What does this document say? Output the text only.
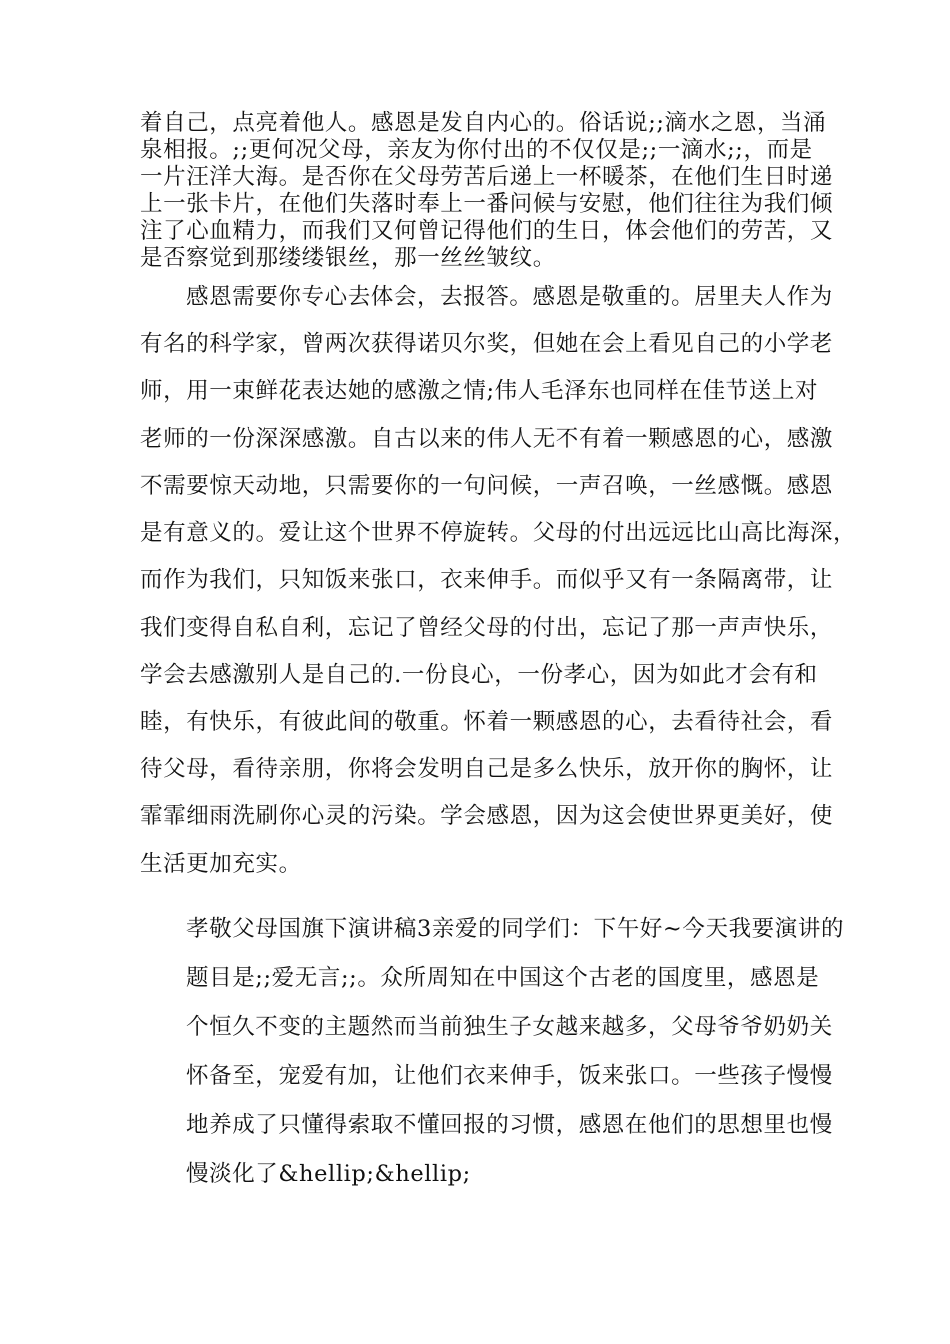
着自己，点亮着他人。感恩是发自内心的。俗话说;;滴水之恩，当涌
泉相报。;;更何况父母，亲友为你付出的不仅仅是;;一滴水;;，而是
一片汪洋大海。是否你在父母劳苦后递上一杯暖茶，在他们生日时递
上一张卡片，在他们失落时奉上一番问候与安慰，他们往往为我们倾
注了心血精力，而我们又何曾记得他们的生日，体会他们的劳苦，又
是否察觉到那缕缕银丝，那一丝丝皱纹。
感恩需要你专心去体会，去报答。感恩是敬重的。居里夫人作为
有名的科学家，曾两次获得诺贝尔奖，但她在会上看见自己的小学老
师，用一束鲜花表达她的感激之情;伟人毛泽东也同样在佳节送上对
老师的一份深深感激。自古以来的伟人无不有着一颗感恩的心，感激
不需要惊天动地，只需要你的一句问候，一声召唤，一丝感慨。感恩
是有意义的。爱让这个世界不停旋转。父母的付出远远比山高比海深，
而作为我们，只知饭来张口，衣来伸手。而似乎又有一条隔离带，让
我们变得自私自利，忘记了曾经父母的付出，忘记了那一声声快乐，
学会去感激别人是自己的.一份良心，一份孝心，因为如此才会有和
睦，有快乐，有彼此间的敬重。怀着一颗感恩的心，去看待社会，看
待父母，看待亲朋，你将会发明自己是多么快乐，放开你的胸怀，让
霏霏细雨洗刷你心灵的污染。学会感恩，因为这会使世界更美好，使
生活更加充实。
孝敬父母国旗下演讲稿3亲爱的同学们：下午好~今天我要演讲的
题目是;;爱无言;;。众所周知在中国这个古老的国度里，感恩是
个恒久不变的主题然而当前独生子女越来越多，父母爷爷奶奶关
怀备至，宠爱有加，让他们衣来伸手，饭来张口。一些孩子慢慢
地养成了只懂得索取不懂回报的习惯，感恩在他们的思想里也慢
慢淡化了&hellip;&hellip;
